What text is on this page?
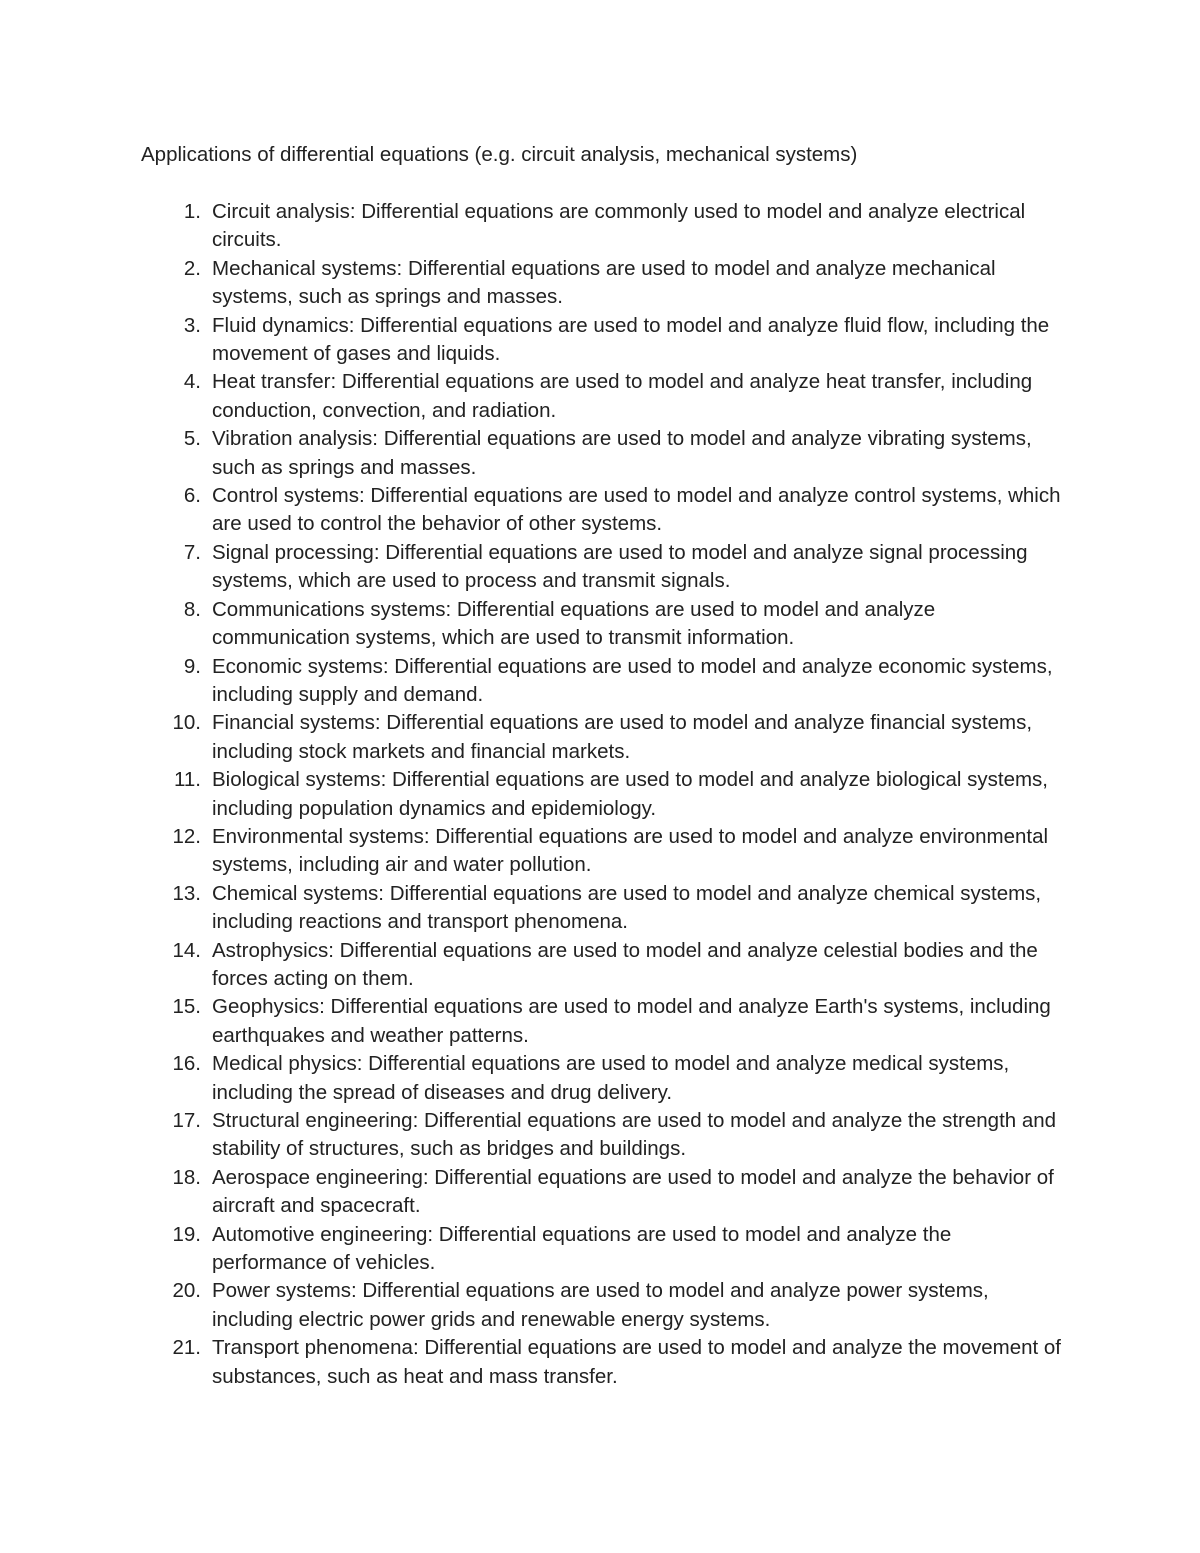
Applications of differential equations (e.g. circuit analysis, mechanical systems)
1. Circuit analysis: Differential equations are commonly used to model and analyze electrical circuits.
2. Mechanical systems: Differential equations are used to model and analyze mechanical systems, such as springs and masses.
3. Fluid dynamics: Differential equations are used to model and analyze fluid flow, including the movement of gases and liquids.
4. Heat transfer: Differential equations are used to model and analyze heat transfer, including conduction, convection, and radiation.
5. Vibration analysis: Differential equations are used to model and analyze vibrating systems, such as springs and masses.
6. Control systems: Differential equations are used to model and analyze control systems, which are used to control the behavior of other systems.
7. Signal processing: Differential equations are used to model and analyze signal processing systems, which are used to process and transmit signals.
8. Communications systems: Differential equations are used to model and analyze communication systems, which are used to transmit information.
9. Economic systems: Differential equations are used to model and analyze economic systems, including supply and demand.
10. Financial systems: Differential equations are used to model and analyze financial systems, including stock markets and financial markets.
11. Biological systems: Differential equations are used to model and analyze biological systems, including population dynamics and epidemiology.
12. Environmental systems: Differential equations are used to model and analyze environmental systems, including air and water pollution.
13. Chemical systems: Differential equations are used to model and analyze chemical systems, including reactions and transport phenomena.
14. Astrophysics: Differential equations are used to model and analyze celestial bodies and the forces acting on them.
15. Geophysics: Differential equations are used to model and analyze Earth's systems, including earthquakes and weather patterns.
16. Medical physics: Differential equations are used to model and analyze medical systems, including the spread of diseases and drug delivery.
17. Structural engineering: Differential equations are used to model and analyze the strength and stability of structures, such as bridges and buildings.
18. Aerospace engineering: Differential equations are used to model and analyze the behavior of aircraft and spacecraft.
19. Automotive engineering: Differential equations are used to model and analyze the performance of vehicles.
20. Power systems: Differential equations are used to model and analyze power systems, including electric power grids and renewable energy systems.
21. Transport phenomena: Differential equations are used to model and analyze the movement of substances, such as heat and mass transfer.
